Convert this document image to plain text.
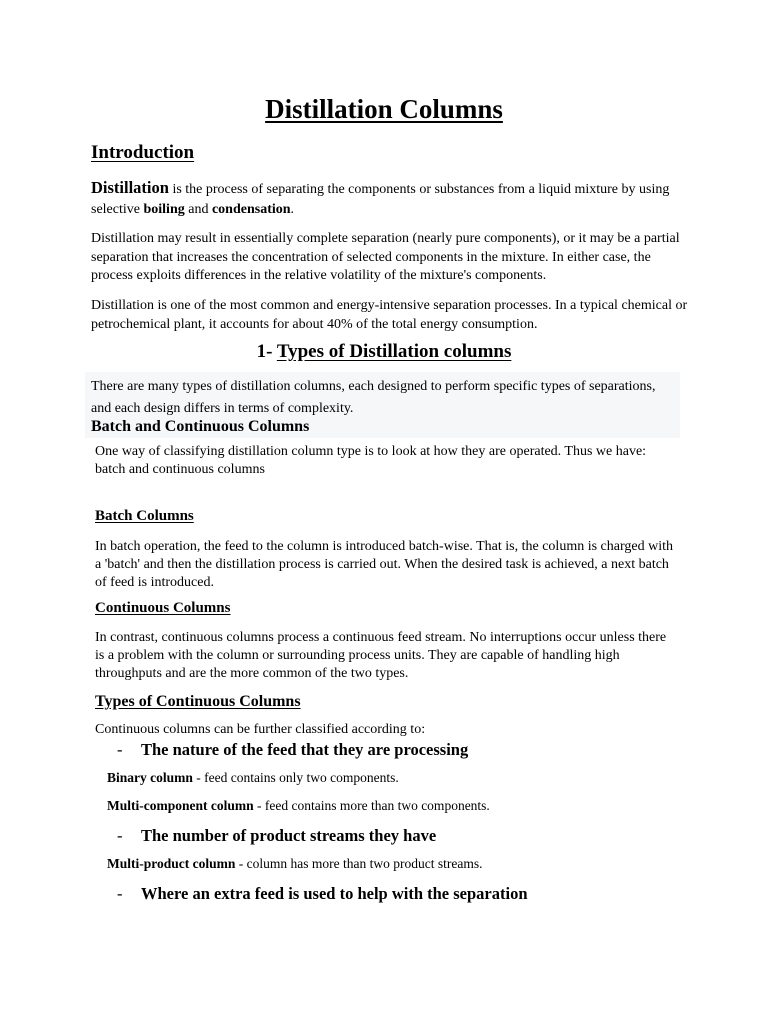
Distillation Columns
Introduction
Distillation is the process of separating the components or substances from a liquid mixture by using selective boiling and condensation.
Distillation may result in essentially complete separation (nearly pure components), or it may be a partial separation that increases the concentration of selected components in the mixture. In either case, the process exploits differences in the relative volatility of the mixture's components.
Distillation is one of the most common and energy-intensive separation processes. In a typical chemical or petrochemical plant, it accounts for about 40% of the total energy consumption.
1- Types of Distillation columns
There are many types of distillation columns, each designed to perform specific types of separations, and each design differs in terms of complexity.
Batch and Continuous Columns
One way of classifying distillation column type is to look at how they are operated. Thus we have: batch and continuous columns
Batch Columns
In batch operation, the feed to the column is introduced batch-wise. That is, the column is charged with a 'batch' and then the distillation process is carried out. When the desired task is achieved, a next batch of feed is introduced.
Continuous Columns
In contrast, continuous columns process a continuous feed stream. No interruptions occur unless there is a problem with the column or surrounding process units. They are capable of handling high throughputs and are the more common of the two types.
Types of Continuous Columns
Continuous columns can be further classified according to:
- The nature of the feed that they are processing
Binary column - feed contains only two components.
Multi-component column - feed contains more than two components.
- The number of product streams they have
Multi-product column - column has more than two product streams.
- Where an extra feed is used to help with the separation
